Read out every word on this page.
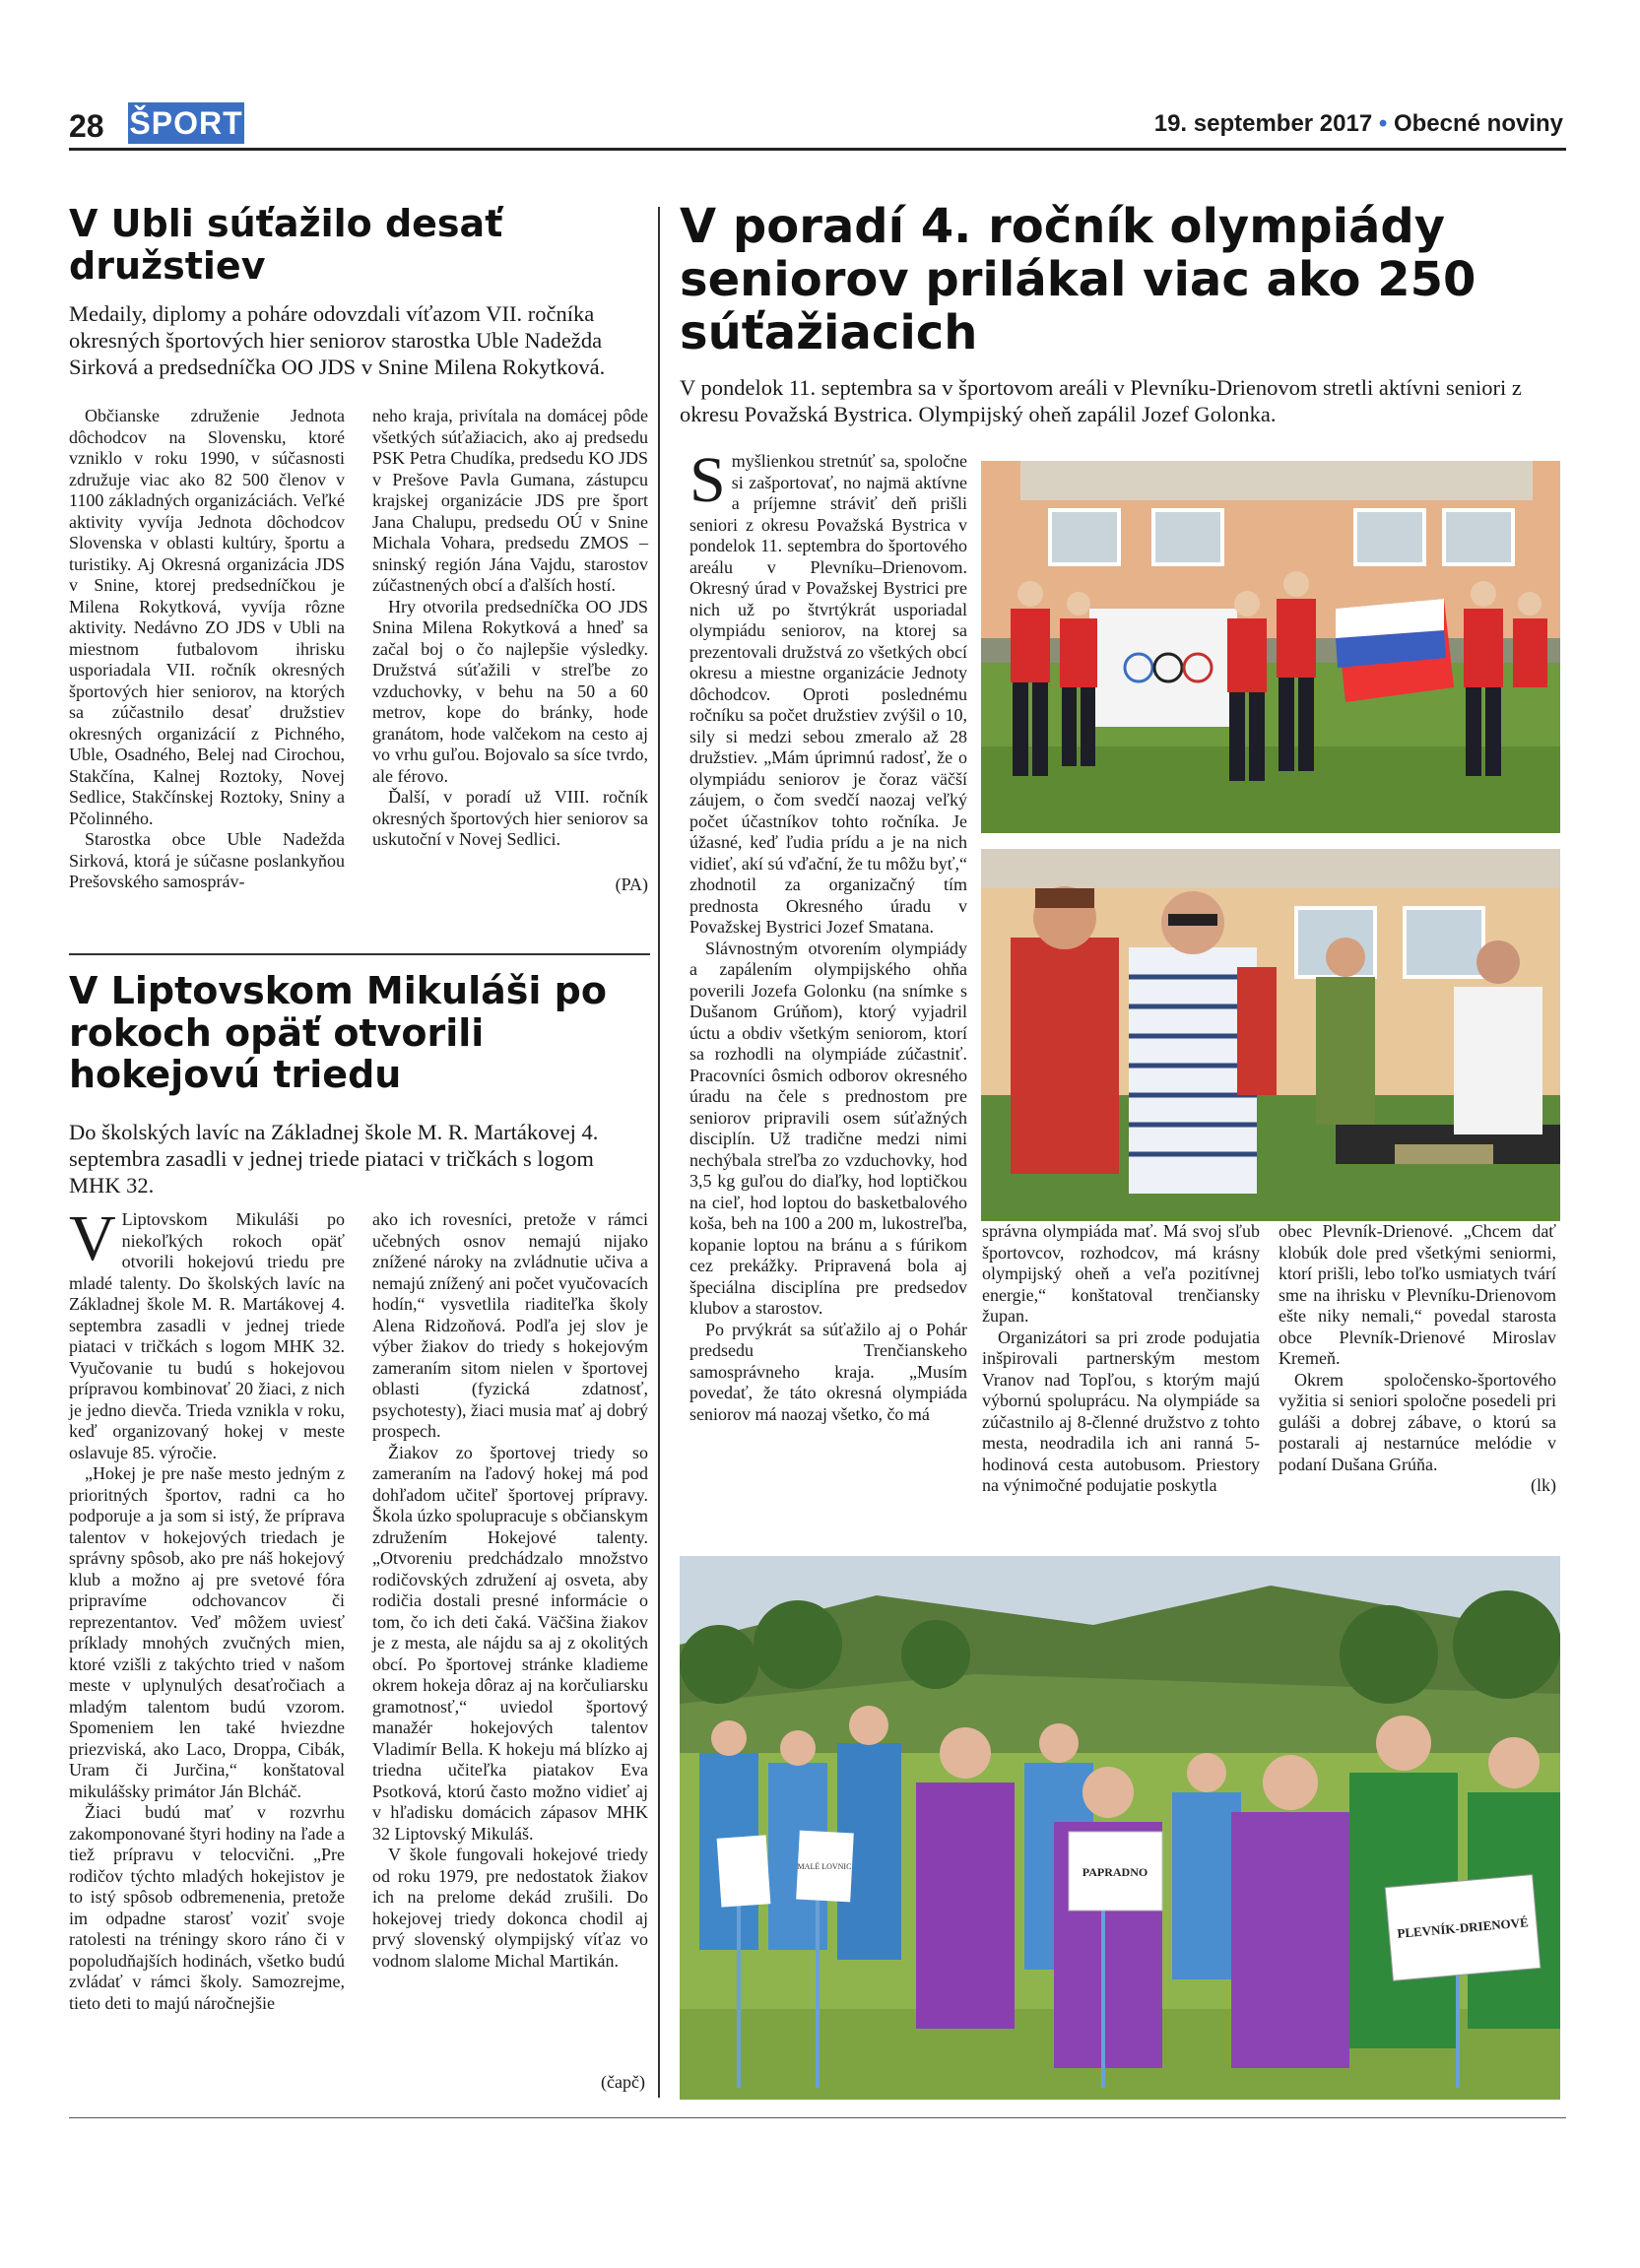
28 ŠPORT	19. september 2017 • Obecné noviny
V Ubli súťažilo desať družstiev
Medaily, diplomy a poháre odovzdali víťazom VII. ročníka okresných športových hier seniorov starostka Uble Nadežda Sirková a predsedníčka OO JDS v Snine Milena Rokytková.

Občianske združenie Jednota dôchodcov na Slovensku, ktoré vzniklo v roku 1990, v súčasnosti združuje viac ako 82 500 členov v 1100 základných organizáciách. Veľké aktivity vyvíja Jednota dôchodcov Slovenska v oblasti kultúry, športu a turistiky. Aj Okresná organizácia JDS v Snine, ktorej predsedníčkou je Milena Rokytková, vyvíja rôzne aktivity. Nedávno ZO JDS v Ubli na miestnom futbalovom ihrisku usporiadala VII. ročník okresných športových hier seniorov, na ktorých sa zúčastnilo desať družstiev okresných organizácií z Pichného, Uble, Osadného, Belej nad Cirochou, Stakčína, Kalnej Roztoky, Novej Sedlice, Stakčínskej Roztoky, Sniny a Pčolinného.

Starostka obce Uble Nadežda Sirková, ktorá je súčasne poslankyňou Prešovského samospráv-

neho kraja, privítala na domácej pôde všetkých súťažiacich, ako aj predsedu PSK Petra Chudíka, predsedu KO JDS v Prešove Pavla Gumana, zástupcu krajskej organizácie JDS pre šport Jana Chalupu, predsedu OÚ v Snine Michala Vohara, predsedu ZMOS – sninský región Jána Vajdu, starostov zúčastnených obcí a ďalších hostí.

Hry otvorila predsedníčka OO JDS Snina Milena Rokytková a hneď sa začal boj o čo najlepšie výsledky. Družstvá súťažili v streľbe zo vzduchovky, v behu na 50 a 60 metrov, kope do bránky, hode granátom, hode valčekom na cesto aj vo vrhu guľou. Bojovalo sa síce tvrdo, ale férovo.

Ďalší, v poradí už VIII. ročník okresných športových hier seniorov sa uskutoční v Novej Sedlici.

(PA)

V Liptovskom Mikuláši po rokoch opäť otvorili hokejovú triedu
Do školských lavíc na Základnej škole M. R. Martákovej 4. septembra zasadli v jednej triede piataci v tričkách s logom MHK 32.

V Liptovskom Mikuláši po niekoľkých rokoch opäť otvorili hokejovú triedu pre mladé talenty. Do školských lavíc na Základnej škole M. R. Martákovej 4. septembra zasadli v jednej triede piataci v tričkách s logom MHK 32. Vyučovanie tu budú s hokejovou prípravou kombinovať 20 žiaci, z nich je jedno dievča. Trieda vznikla v roku, keď organizovaný hokej v meste oslavuje 85. výročie.

„Hokej je pre naše mesto jedným z prioritných športov, radni ca ho podporuje a ja som si istý, že príprava talentov v hokejových triedach je správny spôsob, ako pre náš hokejový klub a možno aj pre svetové fóra pripravíme odchovancov či reprezentantov. Veď môžem uviesť príklady mnohých zvučných mien, ktoré vzišli z takýchto tried v našom meste v uplynulých desaťročiach a mladým talentom budú vzorom. Spomeniem len také hviezdne priezviská, ako Laco, Droppa, Cibák, Uram či Jurčina,“ konštatoval mikulášsky primátor Ján Blcháč.

Žiaci budú mať v rozvrhu zakomponované štyri hodiny na ľade a tiež prípravu v telocvični. „Pre rodičov týchto mladých hokejistov je to istý spôsob odbremenenia, pretože im odpadne starosť voziť svoje ratolesti na tréningy skoro ráno či v popoludňajších hodinách, všetko budú zvládať v rámci školy. Samozrejme, tieto deti to majú náročnejšie

ako ich rovesníci, pretože v rámci učebných osnov nemajú nijako znížené nároky na zvládnutie učiva a nemajú znížený ani počet vyučovacích hodín,“ vysvetlila riaditeľka školy Alena Ridzoňová. Podľa jej slov je výber žiakov do triedy s hokejovým zameraním sitom nielen v športovej oblasti (fyzická zdatnosť, psychotesty), žiaci musia mať aj dobrý prospech.

Žiakov zo športovej triedy so zameraním na ľadový hokej má pod dohľadom učiteľ športovej prípravy. Škola úzko spolupracuje s občianskym združením Hokejové talenty. „Otvoreniu predchádzalo množstvo rodičovských združení aj osveta, aby rodičia dostali presné informácie o tom, čo ich deti čaká. Väčšina žiakov je z mesta, ale nájdu sa aj z okolitých obcí. Po športovej stránke kladieme okrem hokeja dôraz aj na korčuliarsku gramotnosť,“ uviedol športový manažér hokejových talentov Vladimír Bella. K hokeju má blízko aj triedna učiteľka piatakov Eva Psotková, ktorú často možno vidieť aj v hľadisku domácich zápasov MHK 32 Liptovský Mikuláš.

V škole fungovali hokejové triedy od roku 1979, pre nedostatok žiakov ich na prelome dekád zrušili. Do hokejovej triedy dokonca chodil aj prvý slovenský olympijský víťaz vo vodnom slalome Michal Martikán.

(čapč)
V poradí 4. ročník olympiády seniorov prilákal viac ako 250 súťažiacich
V pondelok 11. septembra sa v športovom areáli v Plevníku-Drienovom stretli aktívni seniori z okresu Považská Bystrica. Olympijský oheň zapálil Jozef Golonka.

Smyšlienkou stretnúť sa, spoločne si zašportovať, no najmä aktívne a príjemne stráviť deň prišli seniori z okresu Považská Bystrica v pondelok 11. septembra do športového areálu v Plevníku–Drienovom. Okresný úrad v Považskej Bystrici pre nich už po štvrtýkrát usporiadal olympiádu seniorov, na ktorej sa prezentovali družstvá zo všetkých obcí okresu a miestne organizácie Jednoty dôchodcov. Oproti poslednému ročníku sa počet družstiev zvýšil o 10, sily si medzi sebou zmeralo až 28 družstiev. „Mám úprimnú radosť, že o olympiádu seniorov je čoraz väčší záujem, o čom svedčí naozaj veľký počet účastníkov tohto ročníka. Je úžasné, keď ľudia prídu a je na nich vidieť, akí sú vďační, že tu môžu byť,“ zhodnotil za organizačný tím prednosta Okresného úradu v Považskej Bystrici Jozef Smatana.

Slávnostným otvorením olympiády a zapálením olympijského ohňa poverili Jozefa Golonku (na snímke s Dušanom Grúňom), ktorý vyjadril úctu a obdiv všetkým seniorom, ktorí sa rozhodli na olympiáde zúčastniť. Pracovníci ôsmich odborov okresného úradu na čele s prednostom pre seniorov pripravili osem súťažných disciplín. Už tradične medzi nimi nechýbala streľba zo vzduchovky, hod 3,5 kg guľou do diaľky, hod loptičkou na cieľ, hod loptou do basketbalového koša, beh na 100 a 200 m, lukostreľba, kopanie loptou na bránu a s fúrikom cez prekážky. Pripravená bola aj špeciálna disciplína pre predsedov klubov a starostov.

Po prvýkrát sa súťažilo aj o Pohár predsedu Trenčianskeho samosprávneho kraja. „Musím povedať, že táto okresná olympiáda seniorov má naozaj všetko, čo má

správna olympiáda mať. Má svoj sľub športovcov, rozhodcov, má krásny olympijský oheň a veľa pozitívnej energie,“ konštatoval trenčiansky župan.

Organizátori sa pri zrode podujatia inšpirovali partnerským mestom Vranov nad Topľou, s ktorým majú výbornú spoluprácu. Na olympiáde sa zúčastnilo aj 8-členné družstvo z tohto mesta, neodradila ich ani ranná 5-hodinová cesta autobusom. Priestory na výnimočné podujatie poskytla

obec Plevník-Drienové. „Chcem dať klobúk dole pred všetkými seniormi, ktorí prišli, lebo toľko usmiatych tvárí sme na ihrisku v Plevníku-Drienovom ešte niky nemali,“ povedal starosta obce Plevník-Drienové Miroslav Kremeň.

Okrem spoločensko-športového vyžitia si seniori spoločne posedeli pri guláši a dobrej zábave, o ktorú sa postarali aj nestarnúce melódie v podaní Dušana Grúňa.

(lk)

MALÉ LOVNIC	PAPRADNO
PLEVNÍK-DRIENOVÉ
